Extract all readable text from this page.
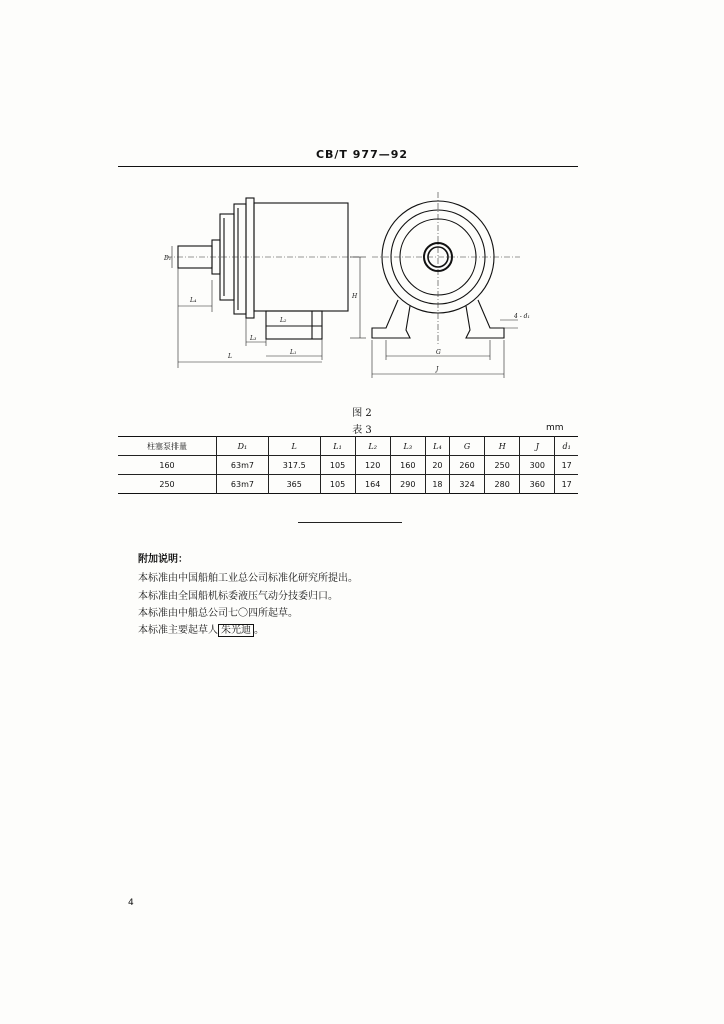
CB/T 977—92
D₁
L₄
L
L₃
L₂
L₁
H
G
J
4 - d₁
图 2
表 3	mm
柱塞泵排量	D₁	L	L₁	L₂	L₃	L₄	G	H	J	d₁
160	63m7	317.5	105	120	160	20	260	250	300	17
250	63m7	365	105	164	290	18	324	280	360	17
附加说明：
本标准由中国船舶工业总公司标准化研究所提出。
本标准由全国船机标委液压气动分技委归口。
本标准由中船总公司七〇四所起草。
本标准主要起草人 朱光迪 。
4
